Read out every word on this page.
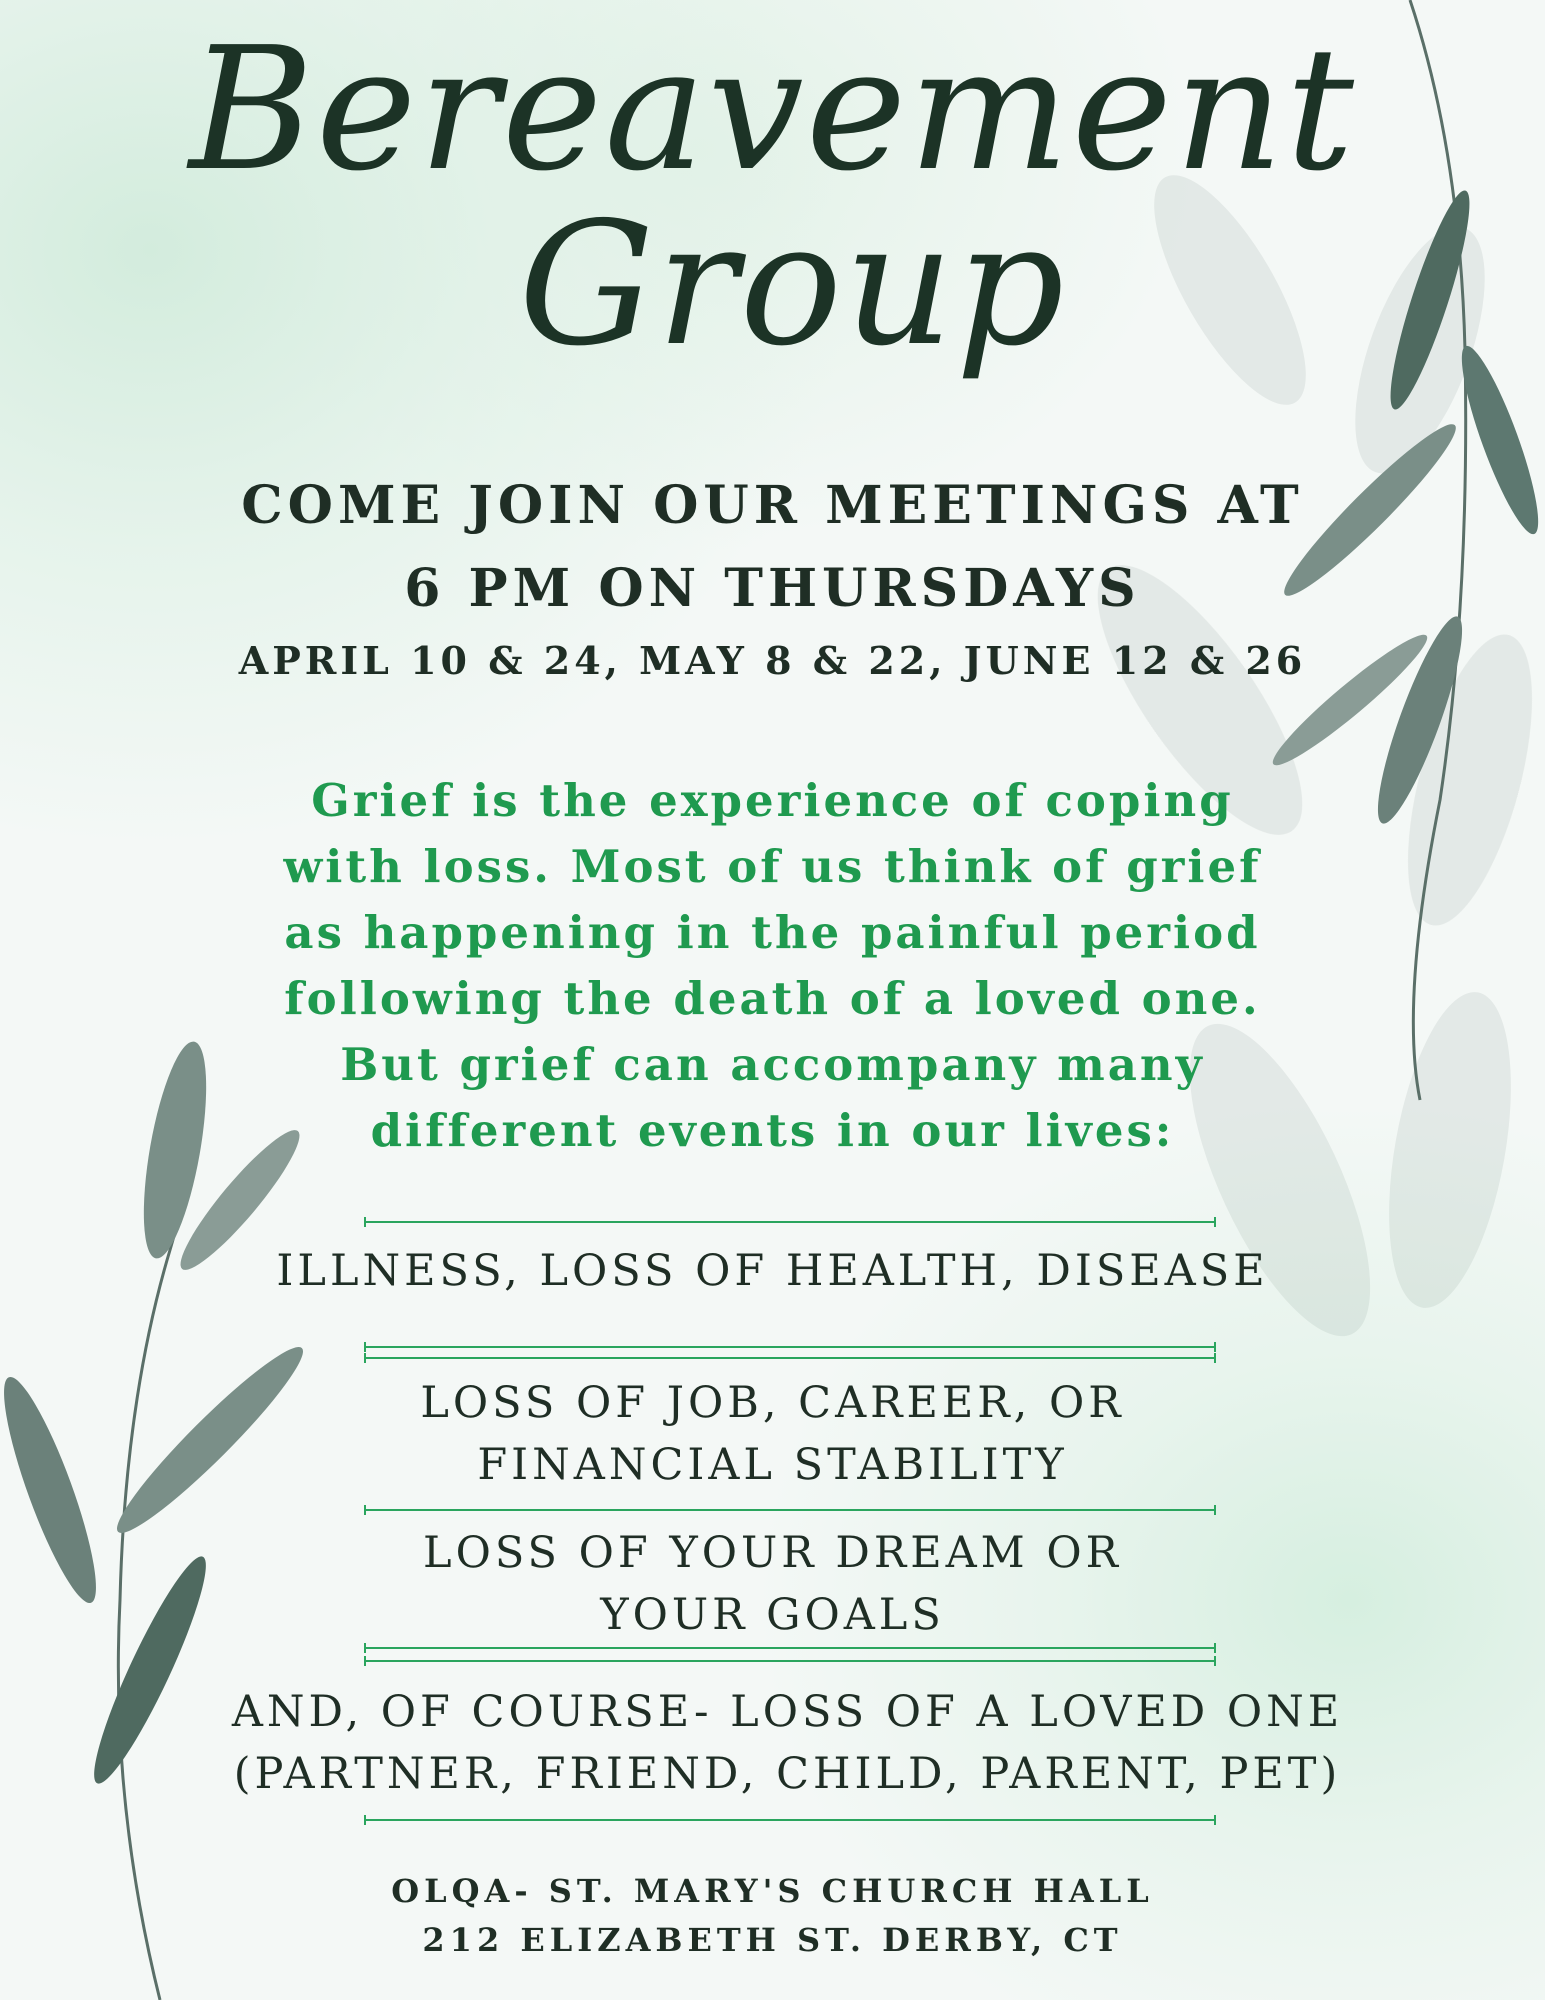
Bereavement
Group
COME JOIN OUR MEETINGS AT
6 PM ON THURSDAYS
APRIL 10 & 24, MAY 8 & 22, JUNE 12 & 26
Grief is the experience of coping
with loss. Most of us think of grief
as happening in the painful period
following the death of a loved one.
But grief can accompany many
different events in our lives:
ILLNESS, LOSS OF HEALTH, DISEASE
LOSS OF JOB, CAREER, OR
FINANCIAL STABILITY
LOSS OF YOUR DREAM OR
YOUR GOALS
AND, OF COURSE- LOSS OF A LOVED ONE
(PARTNER, FRIEND, CHILD, PARENT, PET)
OLQA- ST. MARY'S CHURCH HALL
212 ELIZABETH ST. DERBY, CT
